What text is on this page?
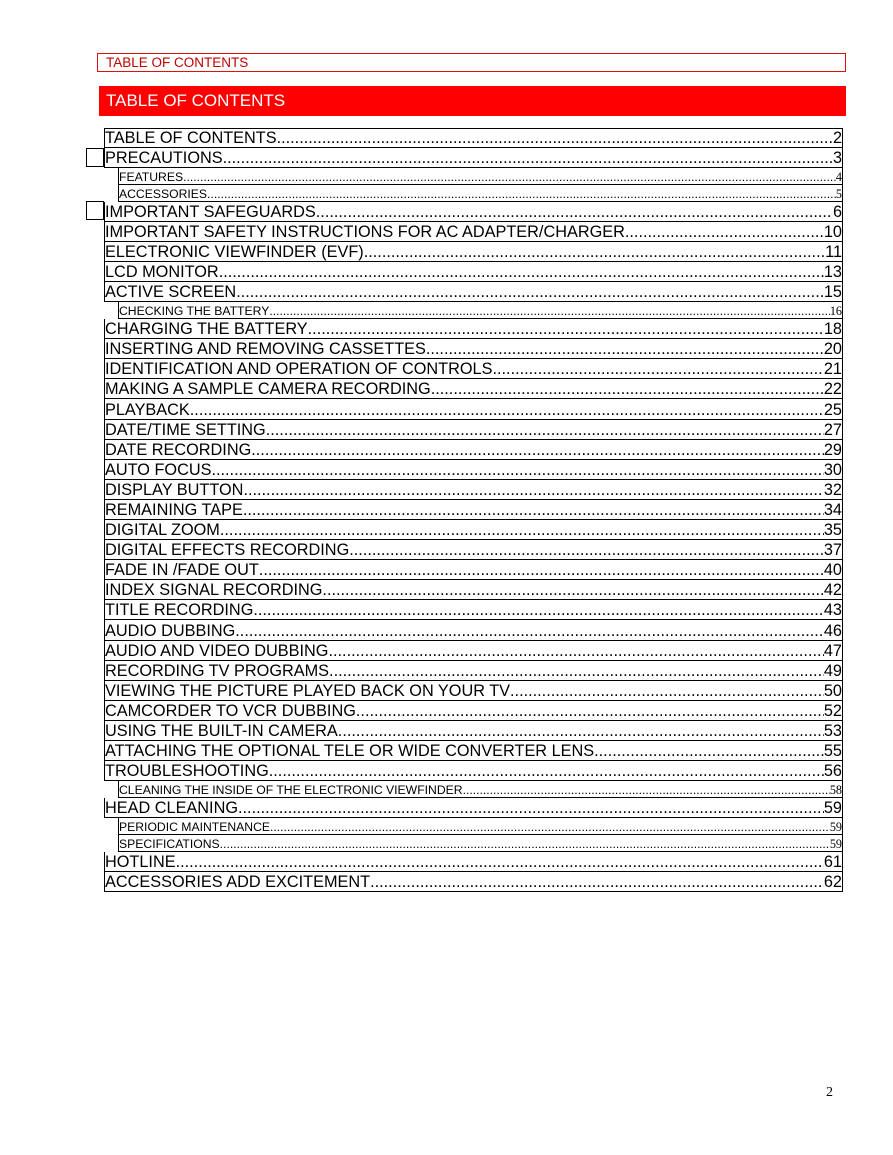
TABLE OF CONTENTS
TABLE OF CONTENTS
TABLE OF CONTENTS .....	2
PRECAUTIONS .....	3
FEATURES .....	4
ACCESSORIES .....	5
IMPORTANT SAFEGUARDS .....	6
IMPORTANT SAFETY INSTRUCTIONS FOR AC ADAPTER/CHARGER .....	10
ELECTRONIC VIEWFINDER (EVF) .....	11
LCD MONITOR .....	13
ACTIVE SCREEN .....	15
CHECKING THE BATTERY .....	16
CHARGING THE BATTERY .....	18
INSERTING AND REMOVING CASSETTES .....	20
IDENTIFICATION AND OPERATION OF CONTROLS .....	21
MAKING A SAMPLE CAMERA RECORDING .....	22
PLAYBACK .....	25
DATE/TIME SETTING .....	27
DATE RECORDING .....	29
AUTO FOCUS .....	30
DISPLAY BUTTON .....	32
REMAINING TAPE .....	34
DIGITAL ZOOM .....	35
DIGITAL EFFECTS RECORDING .....	37
FADE IN /FADE OUT .....	40
INDEX SIGNAL RECORDING .....	42
TITLE RECORDING .....	43
AUDIO DUBBING .....	46
AUDIO AND VIDEO DUBBING .....	47
RECORDING TV PROGRAMS .....	49
VIEWING THE PICTURE PLAYED BACK ON YOUR TV .....	50
CAMCORDER TO VCR DUBBING .....	52
USING THE BUILT-IN CAMERA .....	53
ATTACHING THE OPTIONAL TELE OR WIDE CONVERTER LENS .....	55
TROUBLESHOOTING .....	56
CLEANING THE INSIDE OF THE ELECTRONIC VIEWFINDER .....	58
HEAD CLEANING .....	59
PERIODIC MAINTENANCE .....	59
SPECIFICATIONS .....	59
HOTLINE .....	61
ACCESSORIES ADD EXCITEMENT .....	62
2
